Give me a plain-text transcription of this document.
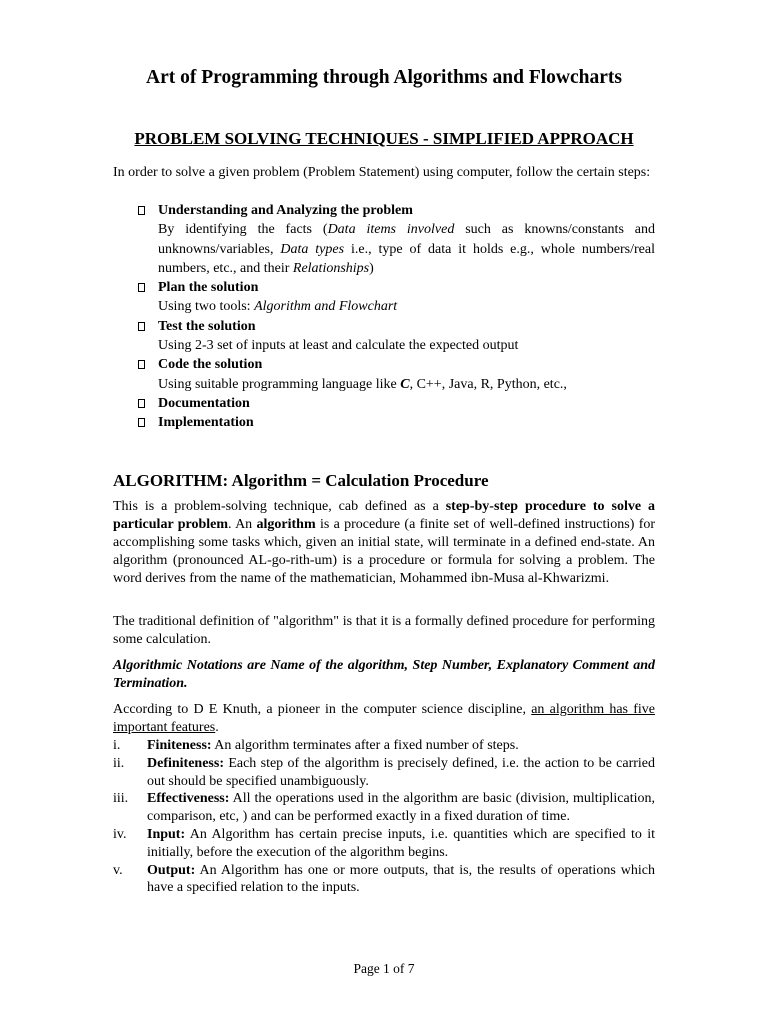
Art of Programming through Algorithms and Flowcharts
PROBLEM SOLVING TECHNIQUES - SIMPLIFIED APPROACH

In order to solve a given problem (Problem Statement) using computer, follow the certain steps:

Understanding and Analyzing the problem
By identifying the facts (Data items involved such as knowns/constants and unknowns/variables, Data types i.e., type of data it holds e.g., whole numbers/real numbers, etc., and their Relationships)
Plan the solution
Using two tools: Algorithm and Flowchart
Test the solution
Using 2-3 set of inputs at least and calculate the expected output
Code the solution
Using suitable programming language like C, C++, Java, R, Python, etc.,
Documentation
Implementation
ALGORITHM: Algorithm = Calculation Procedure

This is a problem-solving technique, cab defined as a step-by-step procedure to solve a particular problem. An algorithm is a procedure (a finite set of well-defined instructions) for accomplishing some tasks which, given an initial state, will terminate in a defined end-state. An algorithm (pronounced AL-go-rith-um) is a procedure or formula for solving a problem. The word derives from the name of the mathematician, Mohammed ibn-Musa al-Khwarizmi.

The traditional definition of "algorithm" is that it is a formally defined procedure for performing some calculation.

Algorithmic Notations are Name of the algorithm, Step Number, Explanatory Comment and Termination.

According to D E Knuth, a pioneer in the computer science discipline, an algorithm has five important features.

i.	Finiteness: An algorithm terminates after a fixed number of steps.
ii.	Definiteness: Each step of the algorithm is precisely defined, i.e. the action to be carried out should be specified unambiguously.
iii.	Effectiveness: All the operations used in the algorithm are basic (division, multiplication, comparison, etc, ) and can be performed exactly in a fixed duration of time.
iv.	Input: An Algorithm has certain precise inputs, i.e. quantities which are specified to it initially, before the execution of the algorithm begins.
v.	Output: An Algorithm has one or more outputs, that is, the results of operations which have a specified relation to the inputs.

Page 1 of 7
